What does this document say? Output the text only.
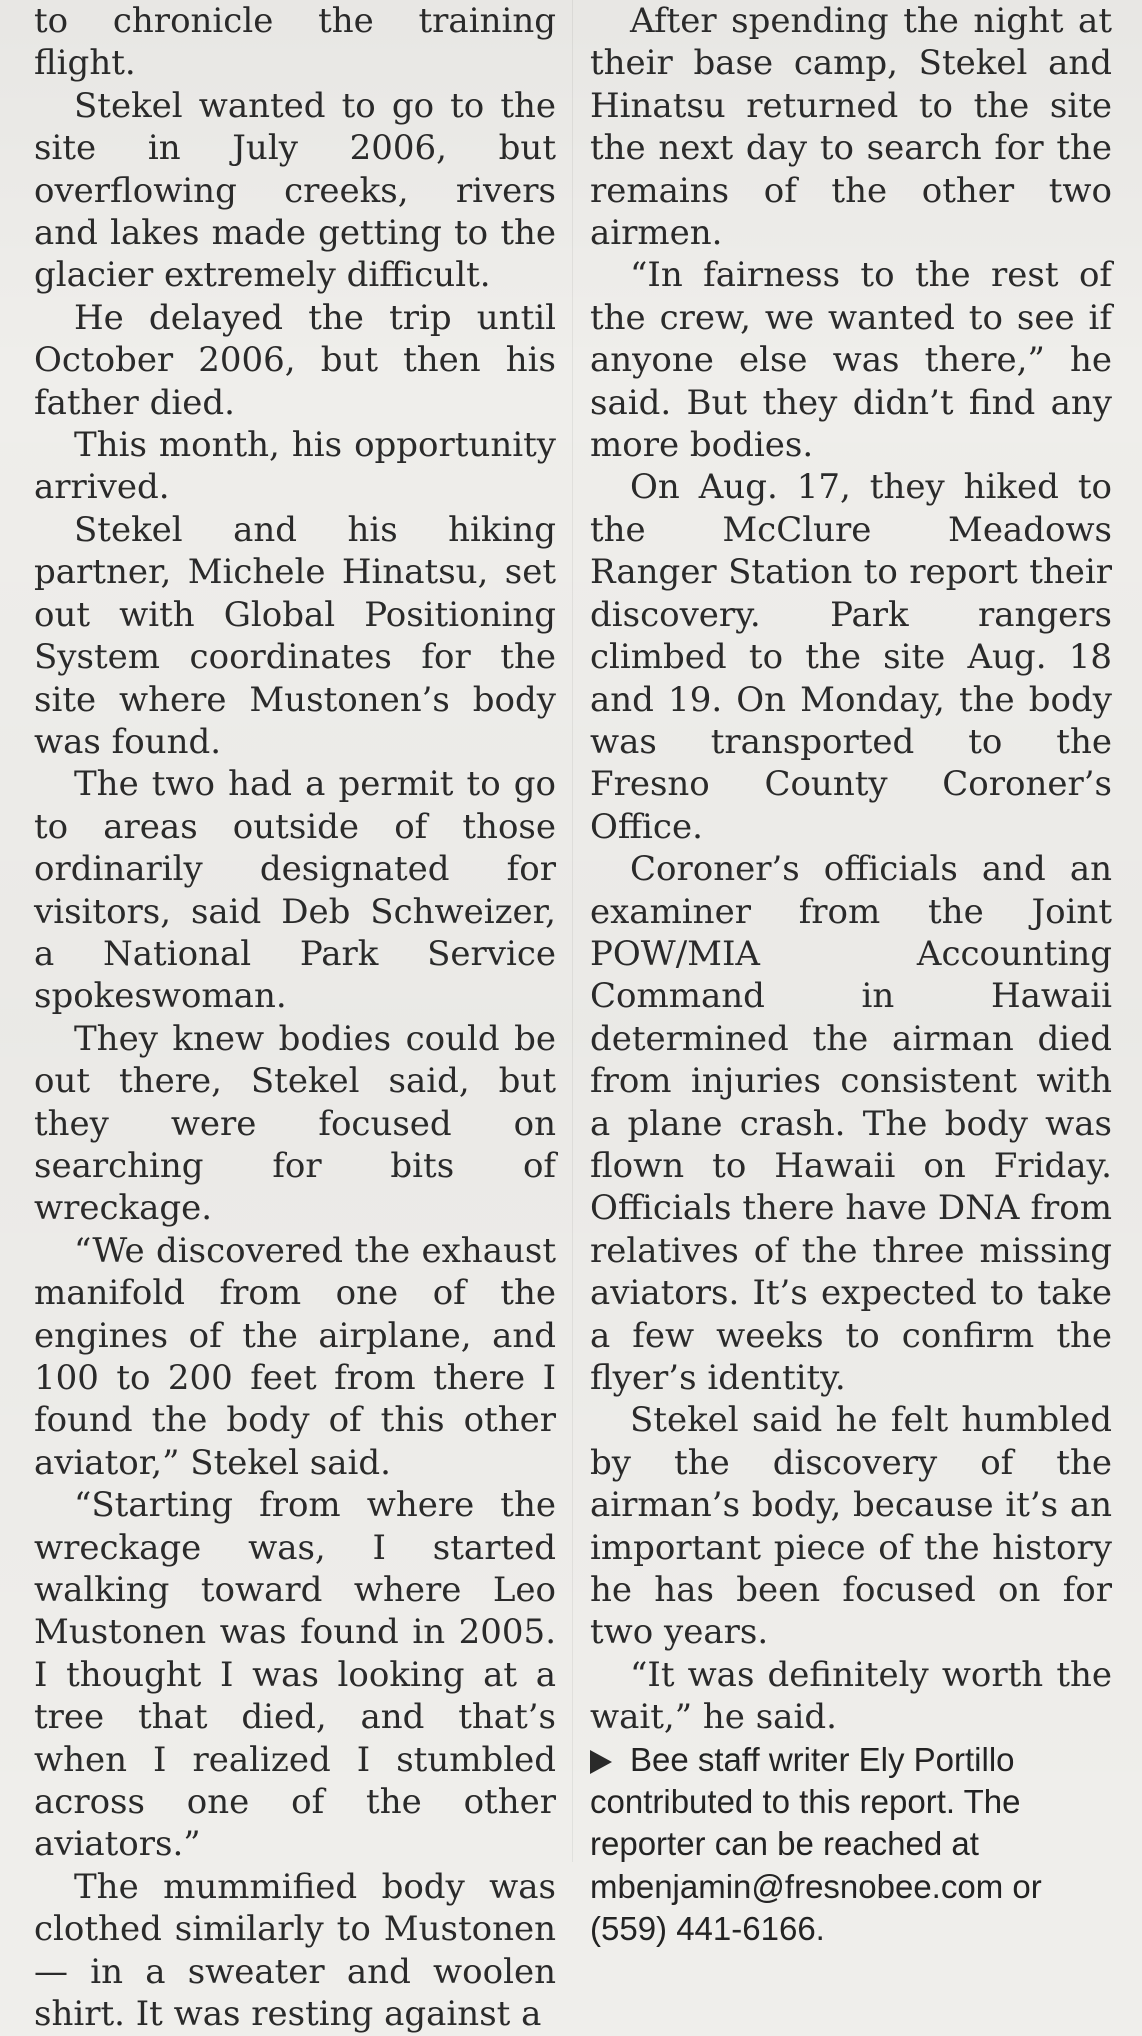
to chronicle the training flight.

Stekel wanted to go to the site in July 2006, but overflowing creeks, rivers and lakes made getting to the glacier extremely difficult.

He delayed the trip until October 2006, but then his father died.

This month, his opportunity arrived.

Stekel and his hiking partner, Michele Hinatsu, set out with Global Positioning System coordinates for the site where Mustonen’s body was found.

The two had a permit to go to areas outside of those ordinarily designated for visitors, said Deb Schweizer, a National Park Service spokeswoman.

They knew bodies could be out there, Stekel said, but they were focused on searching for bits of wreckage.

“We discovered the exhaust manifold from one of the engines of the airplane, and 100 to 200 feet from there I found the body of this other aviator,” Stekel said.

“Starting from where the wreckage was, I started walking toward where Leo Mustonen was found in 2005. I thought I was looking at a tree that died, and that’s when I realized I stumbled across one of the other aviators.”

The mummified body was clothed similarly to Mustonen — in a sweater and woolen shirt. It was resting against a

After spending the night at their base camp, Stekel and Hinatsu returned to the site the next day to search for the remains of the other two airmen.

“In fairness to the rest of the crew, we wanted to see if anyone else was there,” he said. But they didn’t find any more bodies.

On Aug. 17, they hiked to the McClure Meadows Ranger Station to report their discovery. Park rangers climbed to the site Aug. 18 and 19. On Monday, the body was transported to the Fresno County Coroner’s Office.

Coroner’s officials and an examiner from the Joint POW/MIA Accounting Command in Hawaii determined the airman died from injuries consistent with a plane crash. The body was flown to Hawaii on Friday. Officials there have DNA from relatives of the three missing aviators. It’s expected to take a few weeks to confirm the flyer’s identity.

Stekel said he felt humbled by the discovery of the airman’s body, because it’s an important piece of the history he has been focused on for two years.

“It was definitely worth the wait,” he said.

Bee staff writer Ely Portillo contributed to this report. The reporter can be reached at mbenjamin@fresnobee.com or (559) 441-6166.
